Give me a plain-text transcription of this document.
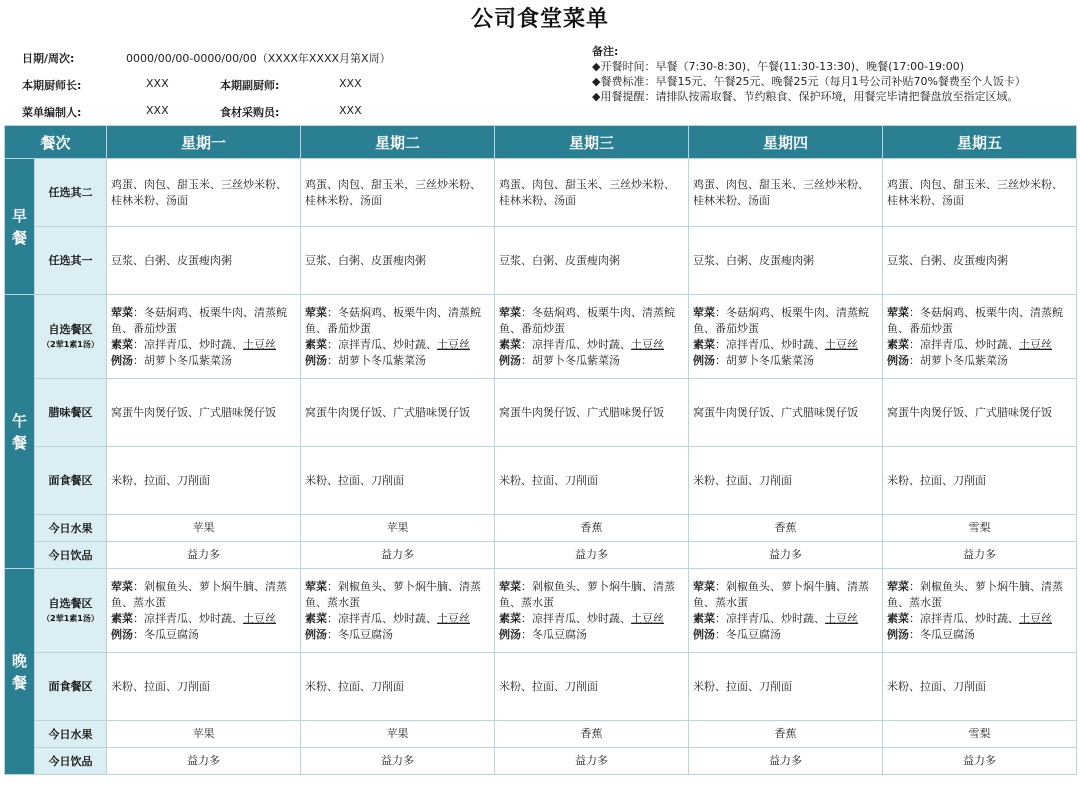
公司食堂菜单
日期/周次:	0000/00/00-0000/00/00（XXXX年XXXX月第X周）
本期厨师长:	XXX	本期副厨师:	XXX
菜单编制人:	XXX	食材采购员:	XXX
备注:
◆开餐时间：早餐（7:30-8:30)、午餐(11:30-13:30)、晚餐(17:00-19:00)
◆餐费标准：早餐15元、午餐25元、晚餐25元（每月1号公司补贴70%餐费至个人饭卡）
◆用餐提醒：请排队按需取餐、节约粮食、保护环境，用餐完毕请把餐盘放至指定区域。
餐次		星期一	星期二	星期三	星期四	星期五
早
餐	任选其二	鸡蛋、肉包、甜玉米、三丝炒米粉、桂林米粉、汤面	鸡蛋、肉包、甜玉米、三丝炒米粉、桂林米粉、汤面	鸡蛋、肉包、甜玉米、三丝炒米粉、桂林米粉、汤面	鸡蛋、肉包、甜玉米、三丝炒米粉、桂林米粉、汤面	鸡蛋、肉包、甜玉米、三丝炒米粉、桂林米粉、汤面
	任选其一	豆浆、白粥、皮蛋瘦肉粥	豆浆、白粥、皮蛋瘦肉粥	豆浆、白粥、皮蛋瘦肉粥	豆浆、白粥、皮蛋瘦肉粥	豆浆、白粥、皮蛋瘦肉粥
午
餐	自选餐区
（2荤1素1汤）	荤菜：冬菇焖鸡、板栗牛肉、清蒸鲩鱼、番茄炒蛋
素菜：凉拌青瓜、炒时蔬、土豆丝
例汤：胡萝卜冬瓜紫菜汤	荤菜：冬菇焖鸡、板栗牛肉、清蒸鲩鱼、番茄炒蛋
素菜：凉拌青瓜、炒时蔬、土豆丝
例汤：胡萝卜冬瓜紫菜汤	荤菜：冬菇焖鸡、板栗牛肉、清蒸鲩鱼、番茄炒蛋
素菜：凉拌青瓜、炒时蔬、土豆丝
例汤：胡萝卜冬瓜紫菜汤	荤菜：冬菇焖鸡、板栗牛肉、清蒸鲩鱼、番茄炒蛋
素菜：凉拌青瓜、炒时蔬、土豆丝
例汤：胡萝卜冬瓜紫菜汤	荤菜：冬菇焖鸡、板栗牛肉、清蒸鲩鱼、番茄炒蛋
素菜：凉拌青瓜、炒时蔬、土豆丝
例汤：胡萝卜冬瓜紫菜汤
	腊味餐区	窝蛋牛肉煲仔饭、广式腊味煲仔饭	窝蛋牛肉煲仔饭、广式腊味煲仔饭	窝蛋牛肉煲仔饭、广式腊味煲仔饭	窝蛋牛肉煲仔饭、广式腊味煲仔饭	窝蛋牛肉煲仔饭、广式腊味煲仔饭
	面食餐区	米粉、拉面、刀削面	米粉、拉面、刀削面	米粉、拉面、刀削面	米粉、拉面、刀削面	米粉、拉面、刀削面
	今日水果	苹果	苹果	香蕉	香蕉	雪梨
	今日饮品	益力多	益力多	益力多	益力多	益力多
晚
餐	自选餐区
（2荤1素1汤）	荤菜：剁椒鱼头、萝卜焖牛腩、清蒸鱼、蒸水蛋
素菜：凉拌青瓜、炒时蔬、土豆丝
例汤：冬瓜豆腐汤	荤菜：剁椒鱼头、萝卜焖牛腩、清蒸鱼、蒸水蛋
素菜：凉拌青瓜、炒时蔬、土豆丝
例汤：冬瓜豆腐汤	荤菜：剁椒鱼头、萝卜焖牛腩、清蒸鱼、蒸水蛋
素菜：凉拌青瓜、炒时蔬、土豆丝
例汤：冬瓜豆腐汤	荤菜：剁椒鱼头、萝卜焖牛腩、清蒸鱼、蒸水蛋
素菜：凉拌青瓜、炒时蔬、土豆丝
例汤：冬瓜豆腐汤	荤菜：剁椒鱼头、萝卜焖牛腩、清蒸鱼、蒸水蛋
素菜：凉拌青瓜、炒时蔬、土豆丝
例汤：冬瓜豆腐汤
	面食餐区	米粉、拉面、刀削面	米粉、拉面、刀削面	米粉、拉面、刀削面	米粉、拉面、刀削面	米粉、拉面、刀削面
	今日水果	苹果	苹果	香蕉	香蕉	雪梨
	今日饮品	益力多	益力多	益力多	益力多	益力多
